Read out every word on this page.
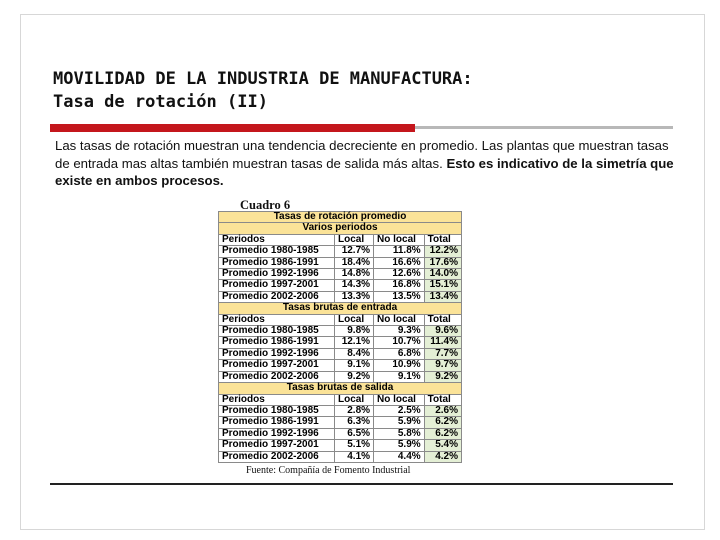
MOVILIDAD DE LA INDUSTRIA DE MANUFACTURA:
Tasa de rotación (II)
Las tasas de rotación muestran una tendencia decreciente en promedio. Las plantas que muestran tasas de entrada mas altas también muestran tasas de salida más altas. Esto es indicativo de la simetría que existe en ambos procesos.
Cuadro 6
Tasas de rotación promedio			
Varios periodos			
Periodos	Local	No local	Total
Promedio 1980-1985	12.7%	11.8%	12.2%
Promedio 1986-1991	18.4%	16.6%	17.6%
Promedio 1992-1996	14.8%	12.6%	14.0%
Promedio 1997-2001	14.3%	16.8%	15.1%
Promedio 2002-2006	13.3%	13.5%	13.4%
Tasas brutas de entrada			
Periodos	Local	No local	Total
Promedio 1980-1985	9.8%	9.3%	9.6%
Promedio 1986-1991	12.1%	10.7%	11.4%
Promedio 1992-1996	8.4%	6.8%	7.7%
Promedio 1997-2001	9.1%	10.9%	9.7%
Promedio 2002-2006	9.2%	9.1%	9.2%
Tasas brutas de salida			
Periodos	Local	No local	Total
Promedio 1980-1985	2.8%	2.5%	2.6%
Promedio 1986-1991	6.3%	5.9%	6.2%
Promedio 1992-1996	6.5%	5.8%	6.2%
Promedio 1997-2001	5.1%	5.9%	5.4%
Promedio 2002-2006	4.1%	4.4%	4.2%
Fuente: Compañía de Fomento Industrial
